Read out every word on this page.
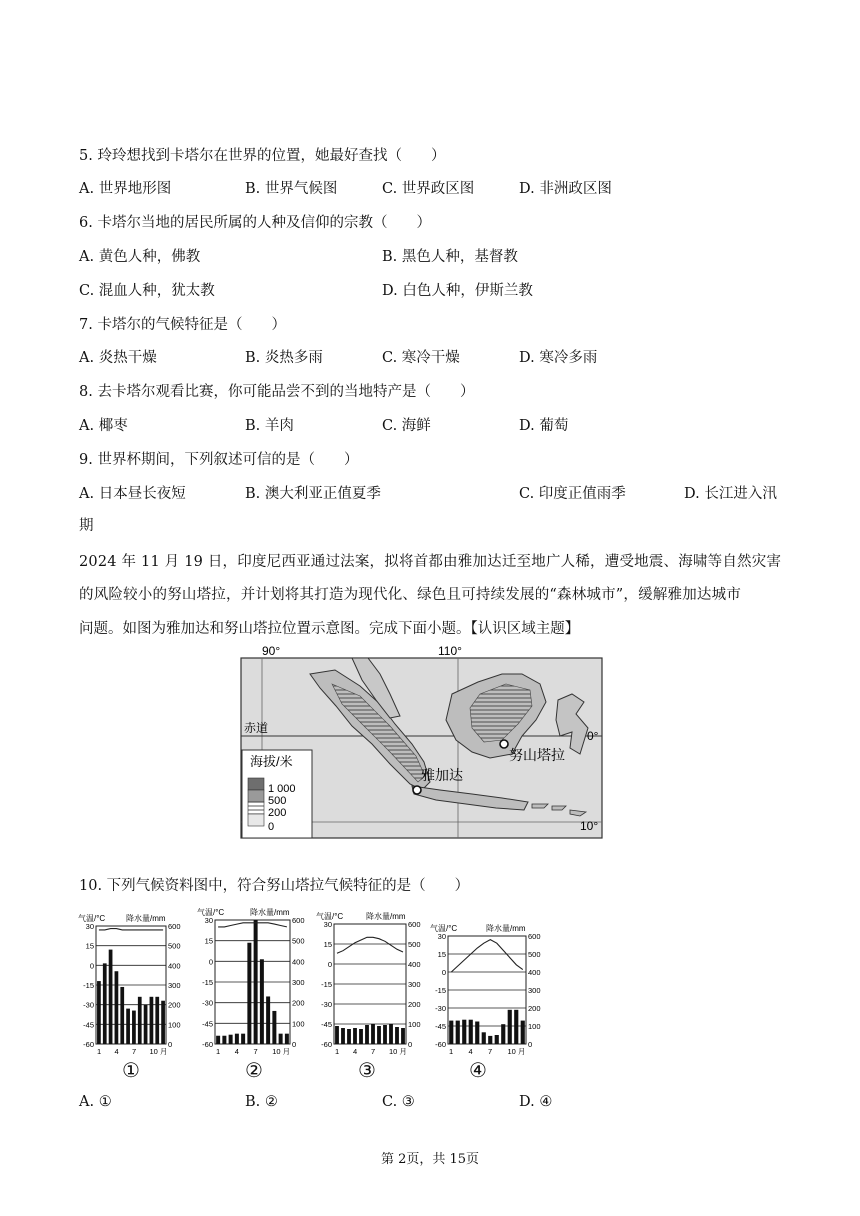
5. 玲玲想找到卡塔尔在世界的位置，她最好查找（　　）
A. 世界地形图	B. 世界气候图	C. 世界政区图	D. 非洲政区图
6. 卡塔尔当地的居民所属的人种及信仰的宗教（　　）
A. 黄色人种，佛教	B. 黑色人种，基督教
C. 混血人种，犹太教	D. 白色人种，伊斯兰教
7. 卡塔尔的气候特征是（　　）
A. 炎热干燥	B. 炎热多雨	C. 寒冷干燥	D. 寒冷多雨
8. 去卡塔尔观看比赛，你可能品尝不到的当地特产是（　　）
A. 椰枣	B. 羊肉	C. 海鲜	D. 葡萄
9. 世界杯期间，下列叙述可信的是（　　）
A. 日本昼长夜短	B. 澳大利亚正值夏季	C. 印度正值雨季	D. 长江进入汛
期
2024 年 11 月 19 日，印度尼西亚通过法案，拟将首都由雅加达迁至地广人稀，遭受地震、海啸等自然灾害
的风险较小的努山塔拉，并计划将其打造为现代化、绿色且可持续发展的“森林城市”，缓解雅加达城市
问题。如图为雅加达和努山塔拉位置示意图。完成下面小题。【认识区域主题】
90°	110°
0°
10°
赤道
努山塔拉
雅加达
海拔/米
1 000
500
200
0
10. 下列气候资料图中，符合努山塔拉气候特征的是（　　）
气温/°C	降水量/mm
30	600
15	500
0	400
-15	300
-30	200
-45	100
-60	0
1 4 7 10 月
气温/°C	降水量/mm
30	600
15	500
0	400
-15	300
-30	200
-45	100
-60	0
1 4 7 10 月
气温/°C	降水量/mm
30	600
15	500
0	400
-15	300
-30	200
-45	100
-60	0
1 4 7 10 月
气温/°C	降水量/mm
30	600
15	500
0	400
-15	300
-30	200
-45	100
-60	0
1 4 7 10 月
①	②	③	④
A. ①	B. ②	C. ③	D. ④
第 2页，共 15页
